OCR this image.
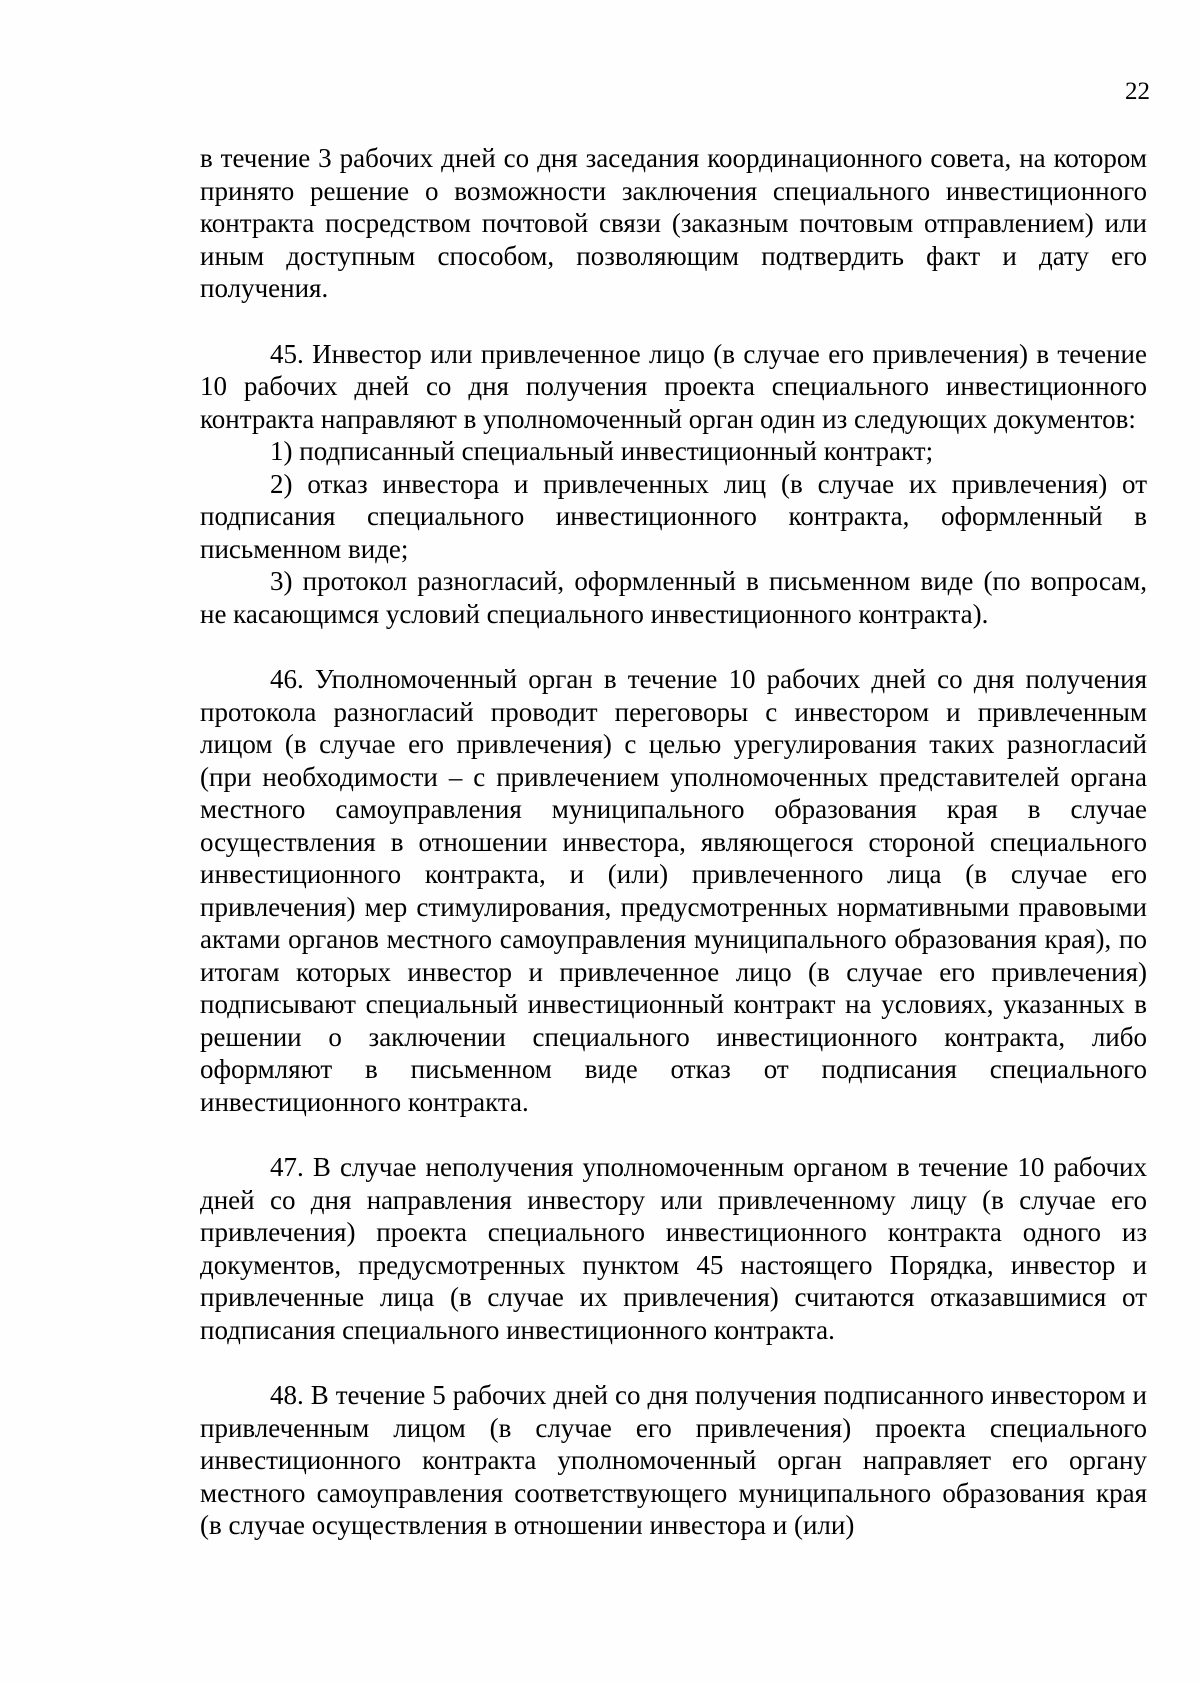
22

в течение 3 рабочих дней со дня заседания координационного совета, на котором принято решение о возможности заключения специального инвестиционного контракта посредством почтовой связи (заказным почтовым отправлением) или иным доступным способом, позволяющим подтвердить факт и дату его получения.

45. Инвестор или привлеченное лицо (в случае его привлечения) в течение 10 рабочих дней со дня получения проекта специального инвестиционного контракта направляют в уполномоченный орган один из следующих документов:

1) подписанный специальный инвестиционный контракт;

2) отказ инвестора и привлеченных лиц (в случае их привлечения) от подписания специального инвестиционного контракта, оформленный в письменном виде;

3) протокол разногласий, оформленный в письменном виде (по вопросам, не касающимся условий специального инвестиционного контракта).

46. Уполномоченный орган в течение 10 рабочих дней со дня получения протокола разногласий проводит переговоры с инвестором и привлеченным лицом (в случае его привлечения) с целью урегулирования таких разногласий (при необходимости – с привлечением уполномоченных представителей органа местного самоуправления муниципального образования края в случае осуществления в отношении инвестора, являющегося стороной специального инвестиционного контракта, и (или) привлеченного лица (в случае его привлечения) мер стимулирования, предусмотренных нормативными правовыми актами органов местного самоуправления муниципального образования края), по итогам которых инвестор и привлеченное лицо (в случае его привлечения) подписывают специальный инвестиционный контракт на условиях, указанных в решении о заключении специального инвестиционного контракта, либо оформляют в письменном виде отказ от подписания специального инвестиционного контракта.

47. В случае неполучения уполномоченным органом в течение 10 рабочих дней со дня направления инвестору или привлеченному лицу (в случае его привлечения) проекта специального инвестиционного контракта одного из документов, предусмотренных пунктом 45 настоящего Порядка, инвестор и привлеченные лица (в случае их привлечения) считаются отказавшимися от подписания специального инвестиционного контракта.

48. В течение 5 рабочих дней со дня получения подписанного инвестором и привлеченным лицом (в случае его привлечения) проекта специального инвестиционного контракта уполномоченный орган направляет его органу местного самоуправления соответствующего муниципального образования края (в случае осуществления в отношении инвестора и (или)
